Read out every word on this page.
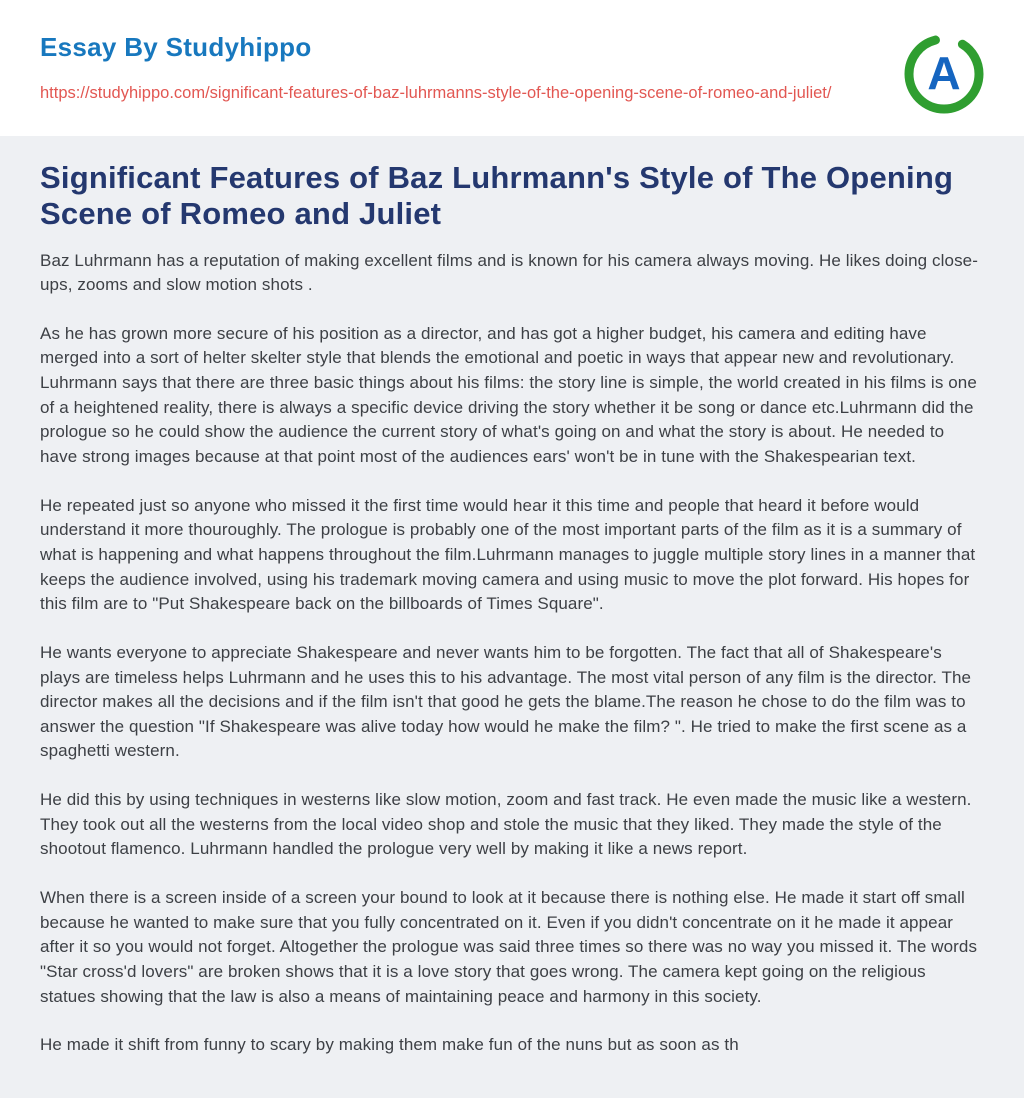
Essay By Studyhippo
https://studyhippo.com/significant-features-of-baz-luhrmanns-style-of-the-opening-scene-of-romeo-and-juliet/	A
Significant Features of Baz Luhrmann's Style of The Opening Scene of Romeo and Juliet

Baz Luhrmann has a reputation of making excellent films and is known for his camera always moving. He likes doing close-ups, zooms and slow motion shots .

As he has grown more secure of his position as a director, and has got a higher budget, his camera and editing have merged into a sort of helter skelter style that blends the emotional and poetic in ways that appear new and revolutionary. Luhrmann says that there are three basic things about his films: the story line is simple, the world created in his films is one of a heightened reality, there is always a specific device driving the story whether it be song or dance etc.Luhrmann did the prologue so he could show the audience the current story of what's going on and what the story is about. He needed to have strong images because at that point most of the audiences ears' won't be in tune with the Shakespearian text.

He repeated just so anyone who missed it the first time would hear it this time and people that heard it before would understand it more thouroughly. The prologue is probably one of the most important parts of the film as it is a summary of what is happening and what happens throughout the film.Luhrmann manages to juggle multiple story lines in a manner that keeps the audience involved, using his trademark moving camera and using music to move the plot forward. His hopes for this film are to "Put Shakespeare back on the billboards of Times Square".

He wants everyone to appreciate Shakespeare and never wants him to be forgotten. The fact that all of Shakespeare's plays are timeless helps Luhrmann and he uses this to his advantage. The most vital person of any film is the director. The director makes all the decisions and if the film isn't that good he gets the blame.The reason he chose to do the film was to answer the question "If Shakespeare was alive today how would he make the film? ". He tried to make the first scene as a spaghetti western.

He did this by using techniques in westerns like slow motion, zoom and fast track. He even made the music like a western. They took out all the westerns from the local video shop and stole the music that they liked. They made the style of the shootout flamenco. Luhrmann handled the prologue very well by making it like a news report.

When there is a screen inside of a screen your bound to look at it because there is nothing else. He made it start off small because he wanted to make sure that you fully concentrated on it. Even if you didn't concentrate on it he made it appear after it so you would not forget. Altogether the prologue was said three times so there was no way you missed it. The words "Star cross'd lovers" are broken shows that it is a love story that goes wrong. The camera kept going on the religious statues showing that the law is also a means of maintaining peace and harmony in this society.

He made it shift from funny to scary by making them make fun of the nuns but as soon as th
